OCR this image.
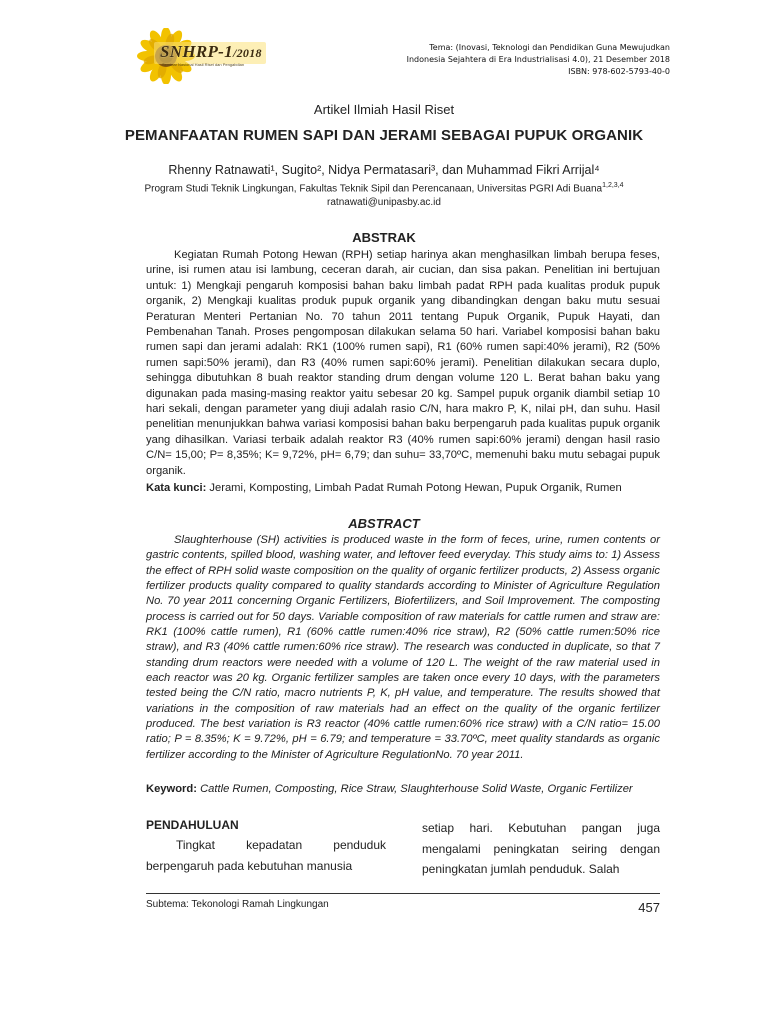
SNHRP-1/2018
Seminar Nasional Hasil Riset dan Pengabdian
Tema: (Inovasi, Teknologi dan Pendidikan Guna Mewujudkan
Indonesia Sejahtera di Era Industrialisasi 4.0), 21 Desember 2018
ISBN: 978-602-5793-40-0
Artikel Ilmiah Hasil Riset
PEMANFAATAN RUMEN SAPI DAN JERAMI SEBAGAI PUPUK ORGANIK
Rhenny Ratnawati¹, Sugito², Nidya Permatasari³, dan Muhammad Fikri Arrijal⁴
Program Studi Teknik Lingkungan, Fakultas Teknik Sipil dan Perencanaan, Universitas PGRI Adi Buana$^{1,2,3,4}$
ratnawati@unipasby.ac.id
ABSTRAK

Kegiatan Rumah Potong Hewan (RPH) setiap harinya akan menghasilkan limbah berupa feses, urine, isi rumen atau isi lambung, ceceran darah, air cucian, dan sisa pakan. Penelitian ini bertujuan untuk: 1) Mengkaji pengaruh komposisi bahan baku limbah padat RPH pada kualitas produk pupuk organik, 2) Mengkaji kualitas produk pupuk organik yang dibandingkan dengan baku mutu sesuai Peraturan Menteri Pertanian No. 70 tahun 2011 tentang Pupuk Organik, Pupuk Hayati, dan Pembenahan Tanah. Proses pengomposan dilakukan selama 50 hari. Variabel komposisi bahan baku rumen sapi dan jerami adalah: RK1 (100% rumen sapi), R1 (60% rumen sapi:40% jerami), R2 (50% rumen sapi:50% jerami), dan R3 (40% rumen sapi:60% jerami). Penelitian dilakukan secara duplo, sehingga dibutuhkan 8 buah reaktor standing drum dengan volume 120 L. Berat bahan baku yang digunakan pada masing-masing reaktor yaitu sebesar 20 kg. Sampel pupuk organik diambil setiap 10 hari sekali, dengan parameter yang diuji adalah rasio C/N, hara makro P, K, nilai pH, dan suhu. Hasil penelitian menunjukkan bahwa variasi komposisi bahan baku berpengaruh pada kualitas pupuk organik yang dihasilkan. Variasi terbaik adalah reaktor R3 (40% rumen sapi:60% jerami) dengan hasil rasio C/N= 15,00; P= 8,35%; K= 9,72%, pH= 6,79; dan suhu= 33,70ºC, memenuhi baku mutu sebagai pupuk organik.

Kata kunci: Jerami, Komposting, Limbah Padat Rumah Potong Hewan, Pupuk Organik, Rumen

ABSTRACT

Slaughterhouse (SH) activities is produced waste in the form of feces, urine, rumen contents or gastric contents, spilled blood, washing water, and leftover feed everyday. This study aims to: 1) Assess the effect of RPH solid waste composition on the quality of organic fertilizer products, 2) Assess organic fertilizer products quality compared to quality standards according to Minister of Agriculture Regulation No. 70 year 2011 concerning Organic Fertilizers, Biofertilizers, and Soil Improvement. The composting process is carried out for 50 days. Variable composition of raw materials for cattle rumen and straw are: RK1 (100% cattle rumen), R1 (60% cattle rumen:40% rice straw), R2 (50% cattle rumen:50% rice straw), and R3 (40% cattle rumen:60% rice straw). The research was conducted in duplicate, so that 7 standing drum reactors were needed with a volume of 120 L. The weight of the raw material used in each reactor was 20 kg. Organic fertilizer samples are taken once every 10 days, with the parameters tested being the C/N ratio, macro nutrients P, K, pH value, and temperature. The results showed that variations in the composition of raw materials had an effect on the quality of the organic fertilizer produced. The best variation is R3 reactor (40% cattle rumen:60% rice straw) with a C/N ratio= 15.00 ratio; P = 8.35%; K = 9.72%, pH = 6.79; and temperature = 33.70ºC, meet quality standards as organic fertilizer according to the Minister of Agriculture RegulationNo. 70 year 2011.

Keyword: Cattle Rumen, Composting, Rice Straw, Slaughterhouse Solid Waste, Organic Fertilizer

PENDAHULUAN

Tingkat kepadatan penduduk berpengaruh pada kebutuhan manusia

setiap hari. Kebutuhan pangan juga mengalami peningkatan seiring dengan peningkatan jumlah penduduk. Salah

Subtema: Tekonologi Ramah Lingkungan	457
